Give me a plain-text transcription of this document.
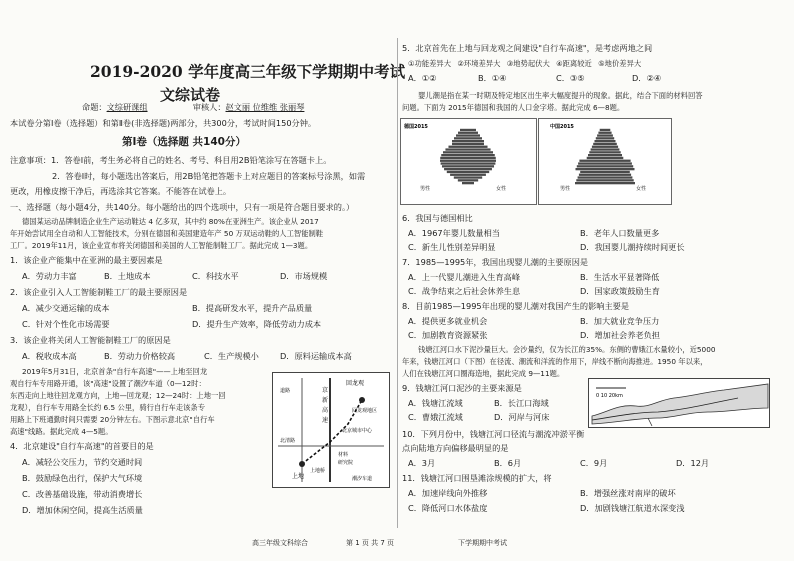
2019-2020 学年度高三年级下学期期中考试
文综试卷
命题：文综研课组	审核人：赵文丽 位维维 张丽琴
本试卷分第Ⅰ卷（选择题）和第Ⅱ卷(非选择题)两部分，共300分，考试时间150分钟。
第Ⅰ卷（选择题 共140分）
注意事项：1．答卷Ⅰ前，考生务必将自己的姓名、考号、科目用2B铅笔涂写在答题卡上。
2．答卷Ⅰ时，每小题选出答案后，用2B铅笔把答题卡上对应题目的答案标号涂黑，如需
更改，用橡皮擦干净后，再选涂其它答案。不能答在试卷上。
一、选择题（每小题4分，共140分。每小题给出的四个选项中，只有一项是符合题目要求的。）
德国某运动品牌制造企业生产运动鞋达 4 亿多双，其中约 80%在亚洲生产。该企业从 2017
年开始尝试用全自动和人工智能技术，分别在德国和美国建造年产 50 万双运动鞋的人工智能制鞋
工厂。2019年11月，该企业宣布将关闭德国和美国的人工智能制鞋工厂。据此完成 1—3题。
1．该企业产能集中在亚洲的最主要因素是
A．劳动力丰富	B．土地成本	C．科技水平	D．市场规模
2．该企业引入人工智能制鞋工厂的最主要原因是
A．减少交通运输的成本	B．提高研发水平，提升产品质量
C．针对个性化市场需要	D．提升生产效率，降低劳动力成本
3．该企业将关闭人工智能制鞋工厂的原因是
A．税收成本高	B．劳动力价格较高	C．生产规模小	D．原料运输成本高
2019年5月31日，北京首条"自行车高速"——上地至回龙
观自行车专用路开通，该"高速"设置了潮汐车道（0—12时：
东西走向上地往回龙观方向，上地—回龙观；12—24时：上地一回
龙观），自行车专用路全长约 6.5 公里，骑行自行车走该条专
用路上下班通勤时间只需要 20分钟左右。下图示意北京"自行车
高速"线路。据此完成 4—5题。
4．北京建设"自行车高速"的首要目的是
A．减轻公交压力，节约交通时间
B．鼓励绿色出行，保护大气环境
C．改善基础设施，带动消费增长
D．增加休闲空间，提高生活质量
回龙观
上地
京
新
高
速
回龙观地区
北京城市中心
材料
研究院
道路
北清路
上地桥
潮汐车道
5．北京首先在上地与回龙观之间建设"自行车高速"，是考虑两地之间
①功能差异大 ②环境差异大 ③地势起伏大 ④距离较近 ⑤地价差异大
A．①②	B．①④	C．③⑤	D．②④
婴儿潮是指在某一时期及特定地区出生率大幅度提升的现象。据此，结合下面的材料回答
问题。下面为 2015年德国和我国的人口金字塔。据此完成 6—8题。
德国2015	中国2015
男性	女性	男性	女性
6．我国与德国相比
A．1967年婴儿数量相当	B．老年人口数量更多
C．新生儿性别差异明显	D．我国婴儿潮持续时间更长
7．1985—1995年，我国出现婴儿潮的主要原因是
A．上一代婴儿潮进入生育高峰	B．生活水平显著降低
C．战争结束之后社会休养生息	D．国家政策鼓励生育
8．目前1985—1995年出现的婴儿潮对我国产生的影响主要是
A．提供更多就业机会	B．加大就业竞争压力
C．加剧教育资源紧张	D．增加社会养老负担
钱塘江河口水下泥沙量巨大。会沙量约，仅为长江的35%。东侧的曹娥江水量较小，近5000
年来，钱塘江河口（下图）在径流、潮流和洋流的作用下，岸线不断向海推进。1950 年以来，
人们在钱塘江河口圈海造地，据此完成 9—11题。
9．钱塘江河口泥沙的主要来源是
A．钱塘江流域	B．长江口海域
C．曹娥江流域	D．河岸与河床
0 10 20km
10．下列月份中，钱塘江河口径流与潮流冲淤平衡
点向陆地方向偏移最明显的是
A．3月	B．6月	C．9月	D．12月
11．钱塘江河口围垦滩涂规模的扩大，将
A．加速岸线向外推移	B．增强丝涨对南岸的破坏
C．降低河口水体盐度	D．加剧钱塘江航道水深变浅
高三年级文科综合	第 1 页 共 7 页	下学期期中考试
